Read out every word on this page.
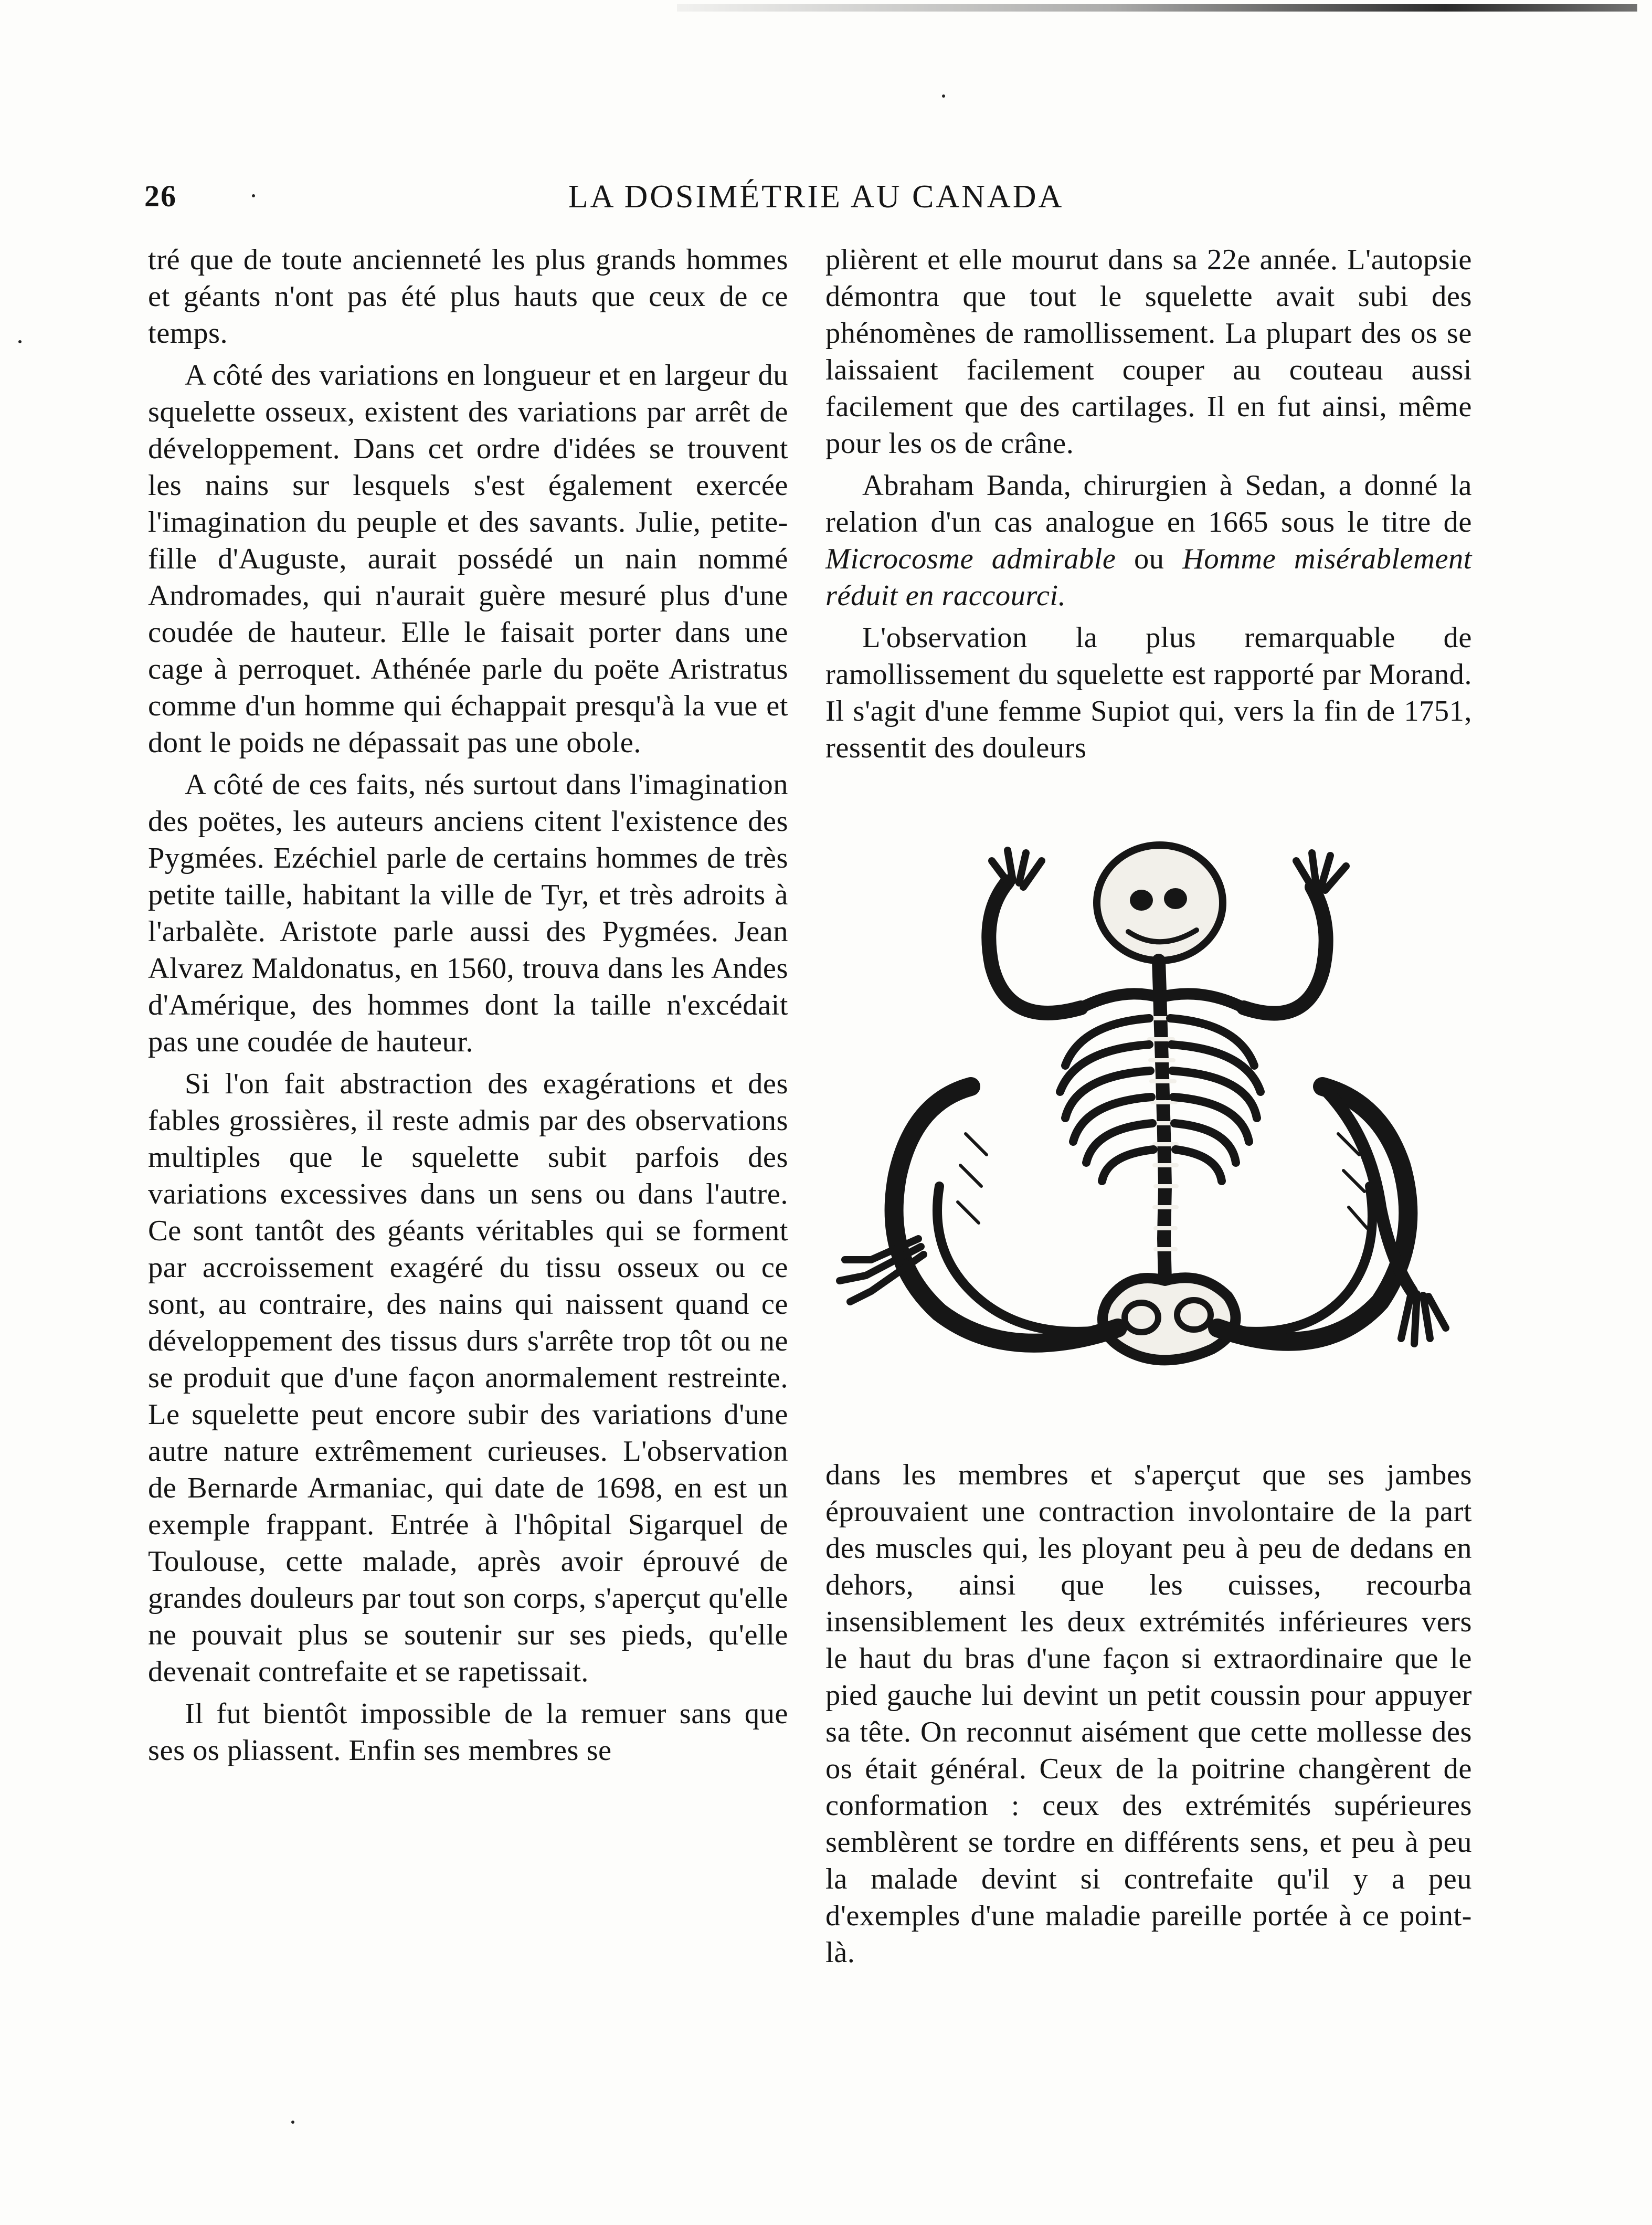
26	LA DOSIMÉTRIE AU CANADA

tré que de toute ancienneté les plus grands hommes et géants n'ont pas été plus hauts que ceux de ce temps.

A côté des variations en longueur et en largeur du squelette osseux, existent des variations par arrêt de développement. Dans cet ordre d'idées se trouvent les nains sur lesquels s'est également exercée l'imagination du peuple et des savants. Julie, petite-fille d'Auguste, aurait possédé un nain nommé Andromades, qui n'aurait guère mesuré plus d'une coudée de hauteur. Elle le faisait porter dans une cage à perroquet. Athénée parle du poëte Aristratus comme d'un homme qui échappait presqu'à la vue et dont le poids ne dépassait pas une obole.

A côté de ces faits, nés surtout dans l'imagination des poëtes, les auteurs anciens citent l'existence des Pygmées. Ezéchiel parle de certains hommes de très petite taille, habitant la ville de Tyr, et très adroits à l'arbalète. Aristote parle aussi des Pygmées. Jean Alvarez Maldonatus, en 1560, trouva dans les Andes d'Amérique, des hommes dont la taille n'excédait pas une coudée de hauteur.

Si l'on fait abstraction des exagérations et des fables grossières, il reste admis par des observations multiples que le squelette subit parfois des variations excessives dans un sens ou dans l'autre. Ce sont tantôt des géants véritables qui se forment par accroissement exagéré du tissu osseux ou ce sont, au contraire, des nains qui naissent quand ce développement des tissus durs s'arrête trop tôt ou ne se produit que d'une façon anormalement restreinte. Le squelette peut encore subir des variations d'une autre nature extrêmement curieuses. L'observation de Bernarde Armaniac, qui date de 1698, en est un exemple frappant. Entrée à l'hôpital Sigarquel de Toulouse, cette malade, après avoir éprouvé de grandes douleurs par tout son corps, s'aperçut qu'elle ne pouvait plus se soutenir sur ses pieds, qu'elle devenait contrefaite et se rapetissait.

Il fut bientôt impossible de la remuer sans que ses os pliassent. Enfin ses membres se

plièrent et elle mourut dans sa 22e année. L'autopsie démontra que tout le squelette avait subi des phénomènes de ramollissement. La plupart des os se laissaient facilement couper au couteau aussi facilement que des cartilages. Il en fut ainsi, même pour les os de crâne.

Abraham Banda, chirurgien à Sedan, a donné la relation d'un cas analogue en 1665 sous le titre de Microcosme admirable ou Homme misérablement réduit en raccourci.

L'observation la plus remarquable de ramollissement du squelette est rapporté par Morand. Il s'agit d'une femme Supiot qui, vers la fin de 1751, ressentit des douleurs

dans les membres et s'aperçut que ses jambes éprouvaient une contraction involontaire de la part des muscles qui, les ployant peu à peu de dedans en dehors, ainsi que les cuisses, recourba insensiblement les deux extrémités inférieures vers le haut du bras d'une façon si extraordinaire que le pied gauche lui devint un petit coussin pour appuyer sa tête. On reconnut aisément que cette mollesse des os était général. Ceux de la poitrine changèrent de conformation : ceux des extrémités supérieures semblèrent se tordre en différents sens, et peu à peu la malade devint si contrefaite qu'il y a peu d'exemples d'une maladie pareille portée à ce point-là.
